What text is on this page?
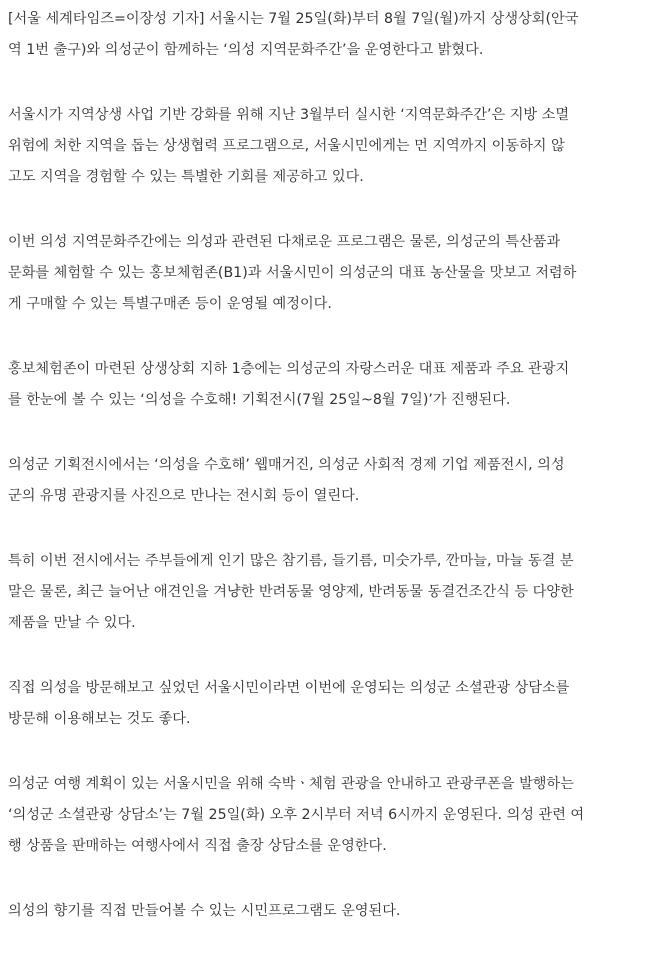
[서울 세계타임즈=이장성 기자] 서울시는 7월 25일(화)부터 8월 7일(월)까지 상생상회(안국
역 1번 출구)와 의성군이 함께하는 ‘의성 지역문화주간’을 운영한다고 밝혔다.

서울시가 지역상생 사업 기반 강화를 위해 지난 3월부터 실시한 ‘지역문화주간’은 지방 소멸
위험에 처한 지역을 돕는 상생협력 프로그램으로, 서울시민에게는 먼 지역까지 이동하지 않
고도 지역을 경험할 수 있는 특별한 기회를 제공하고 있다.

이번 의성 지역문화주간에는 의성과 관련된 다채로운 프로그램은 물론, 의성군의 특산품과
문화를 체험할 수 있는 홍보체험존(B1)과 서울시민이 의성군의 대표 농산물을 맛보고 저렴하
게 구매할 수 있는 특별구매존 등이 운영될 예정이다.

홍보체험존이 마련된 상생상회 지하 1층에는 의성군의 자랑스러운 대표 제품과 주요 관광지
를 한눈에 볼 수 있는 ‘의성을 수호해! 기획전시(7월 25일~8월 7일)’가 진행된다.

의성군 기획전시에서는 ‘의성을 수호해’ 웹매거진, 의성군 사회적 경제 기업 제품전시, 의성
군의 유명 관광지를 사진으로 만나는 전시회 등이 열린다.

특히 이번 전시에서는 주부들에게 인기 많은 참기름, 들기름, 미숫가루, 깐마늘, 마늘 동결 분
말은 물론, 최근 늘어난 애견인을 겨냥한 반려동물 영양제, 반려동물 동결건조간식 등 다양한
제품을 만날 수 있다.

직접 의성을 방문해보고 싶었던 서울시민이라면 이번에 운영되는 의성군 소셜관광 상담소를
방문해 이용해보는 것도 좋다.

의성군 여행 계획이 있는 서울시민을 위해 숙박ㆍ체험 관광을 안내하고 관광쿠폰을 발행하는
‘의성군 소셜관광 상담소’는 7월 25일(화) 오후 2시부터 저녁 6시까지 운영된다. 의성 관련 여
행 상품을 판매하는 여행사에서 직접 출장 상담소를 운영한다.

의성의 향기를 직접 만들어볼 수 있는 시민프로그램도 운영된다.
